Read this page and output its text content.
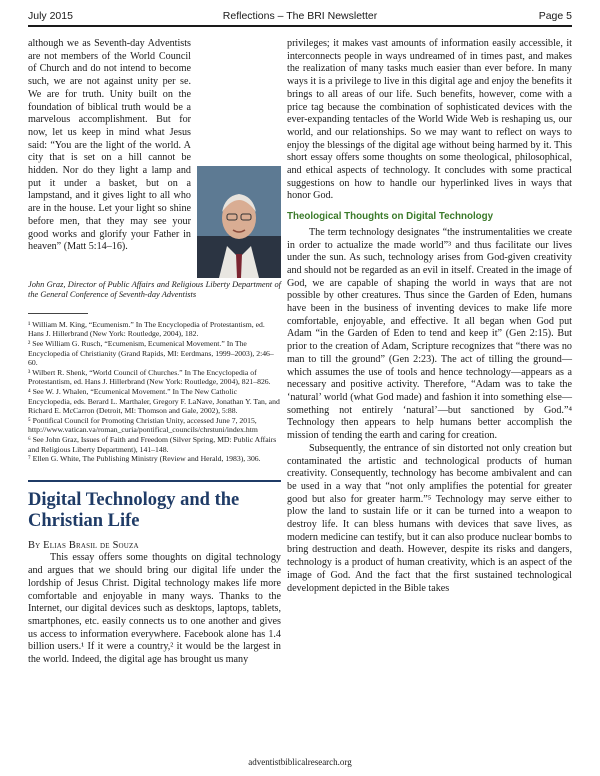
July 2015	Reflections – The BRI Newsletter	Page 5

although we as Seventh-day Adventists are not members of the World Council of Church and do not intend to become such, we are not against unity per se. We are for truth. Unity built on the foundation of biblical truth would be a marvelous accomplishment. But for now, let us keep in mind what Jesus said: “You are the light of the world. A city that is set on a hill cannot be hidden. Nor do they light a lamp and put it under a basket, but on a lampstand, and it gives light to all who are in the house. Let your light so shine before men, that they may see your good works and glorify your Father in heaven” (Matt 5:14–16).

John Graz, Director of Public Affairs and Religious Liberty Department of the General Conference of Seventh-day Adventists

¹ William M. King, “Ecumenism.” In The Encyclopedia of Protestantism, ed. Hans J. Hillerbrand (New York: Routledge, 2004), 182.
² See William G. Rusch, “Ecumenism, Ecumenical Movement.” In The Encyclopedia of Christianity (Grand Rapids, MI: Eerdmans, 1999–2003), 2:46–60.
³ Wilbert R. Shenk, “World Council of Churches.” In The Encyclopedia of Protestantism, ed. Hans J. Hillerbrand (New York: Routledge, 2004), 821–826.
⁴ See W. J. Whalen, “Ecumenical Movement.” In The New Catholic Encyclopedia, eds. Berard L. Marthaler, Gregory F. LaNave, Jonathan Y. Tan, and Richard E. McCarron (Detroit, MI: Thomson and Gale, 2002), 5:88.
⁵ Pontifical Council for Promoting Christian Unity, accessed June 7, 2015, http://www.vatican.va/roman_curia/pontifical_councils/chrstuni/index.htm
⁶ See John Graz, Issues of Faith and Freedom (Silver Spring, MD: Public Affairs and Religious Liberty Department), 141–148.
⁷ Ellen G. White, The Publishing Ministry (Review and Herald, 1983), 306.
Digital Technology and the Christian Life

By Elias Brasil de Souza

This essay offers some thoughts on digital technology and argues that we should bring our digital life under the lordship of Jesus Christ. Digital technology makes life more comfortable and enjoyable in many ways. Thanks to the Internet, our digital devices such as desktops, laptops, tablets, smartphones, etc. easily connects us to one another and gives us access to information everywhere. Facebook alone has 1.4 billion users.¹ If it were a country,² it would be the largest in the world. Indeed, the digital age has brought us many

privileges; it makes vast amounts of information easily accessible, it interconnects people in ways undreamed of in times past, and makes the realization of many tasks much easier than ever before. In many ways it is a privilege to live in this digital age and enjoy the benefits it brings to all areas of our life. Such benefits, however, come with a price tag because the combination of sophisticated devices with the ever-expanding tentacles of the World Wide Web is reshaping us, our world, and our relationships. So we may want to reflect on ways to enjoy the blessings of the digital age without being harmed by it. This short essay offers some thoughts on some theological, philosophical, and ethical aspects of technology. It concludes with some practical suggestions on how to handle our hyperlinked lives in ways that honor God.

Theological Thoughts on Digital Technology

The term technology designates “the instrumentalities we create in order to actualize the made world”³ and thus facilitate our lives under the sun. As such, technology arises from God-given creativity and should not be regarded as an evil in itself. Created in the image of God, we are capable of shaping the world in ways that are not possible by other creatures. Thus since the Garden of Eden, humans have been in the business of inventing devices to make life more comfortable, enjoyable, and effective. It all began when God put Adam “in the Garden of Eden to tend and keep it” (Gen 2:15). But prior to the creation of Adam, Scripture recognizes that “there was no man to till the ground” (Gen 2:23). The act of tilling the ground—which assumes the use of tools and hence technology—appears as a necessary and positive activity. Therefore, “Adam was to take the ‘natural’ world (what God made) and fashion it into something else—something not entirely ‘natural’—but sanctioned by God.”⁴ Technology then appears to help humans better accomplish the mission of tending the earth and caring for creation.

Subsequently, the entrance of sin distorted not only creation but contaminated the artistic and technological products of human creativity. Consequently, technology has become ambivalent and can be used in a way that “not only amplifies the potential for greater good but also for greater harm.”⁵ Technology may serve either to plow the land to sustain life or it can be turned into a weapon to destroy life. It can bless humans with devices that save lives, as modern medicine can testify, but it can also produce nuclear bombs to bring destruction and death. However, despite its risks and dangers, technology is a product of human creativity, which is an aspect of the image of God. And the fact that the first sustained technological development depicted in the Bible takes

adventistbiblicalresearch.org
